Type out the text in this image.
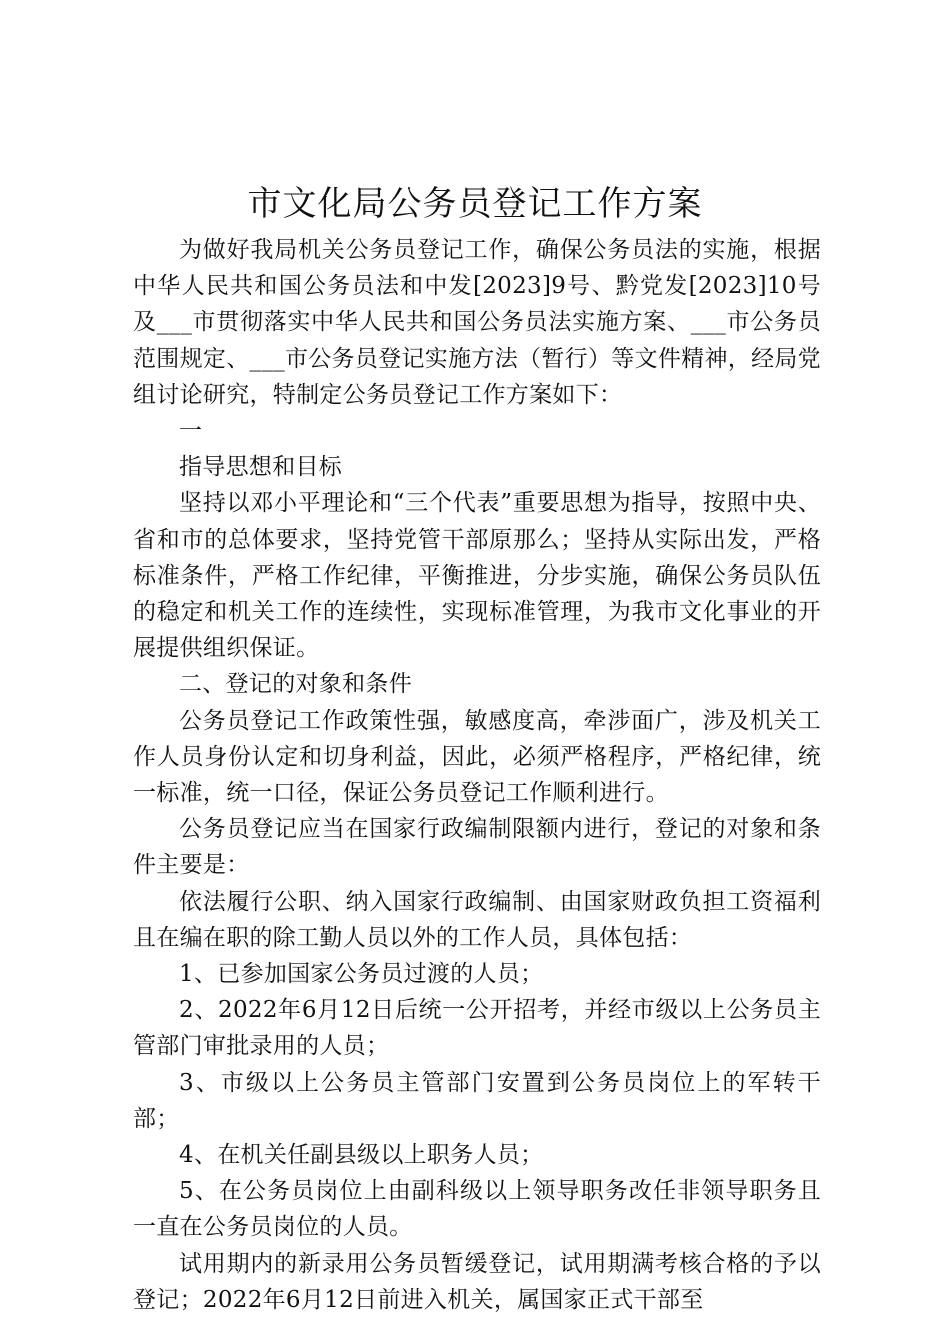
市文化局公务员登记工作方案

为做好我局机关公务员登记工作，确保公务员法的实施，根据中华人民共和国公务员法和中发[2023]9号、黔党发[2023]10号及___市贯彻落实中华人民共和国公务员法实施方案、___市公务员范围规定、___市公务员登记实施方法（暂行）等文件精神，经局党组讨论研究，特制定公务员登记工作方案如下：

一

指导思想和目标

坚持以邓小平理论和“三个代表”重要思想为指导，按照中央、省和市的总体要求，坚持党管干部原那么；坚持从实际出发，严格标准条件，严格工作纪律，平衡推进，分步实施，确保公务员队伍的稳定和机关工作的连续性，实现标准管理，为我市文化事业的开展提供组织保证。

二、登记的对象和条件

公务员登记工作政策性强，敏感度高，牵涉面广，涉及机关工作人员身份认定和切身利益，因此，必须严格程序，严格纪律，统一标准，统一口径，保证公务员登记工作顺利进行。

公务员登记应当在国家行政编制限额内进行，登记的对象和条件主要是：

依法履行公职、纳入国家行政编制、由国家财政负担工资福利且在编在职的除工勤人员以外的工作人员，具体包括：

1、已参加国家公务员过渡的人员；

2、2022年6月12日后统一公开招考，并经市级以上公务员主管部门审批录用的人员；

3、市级以上公务员主管部门安置到公务员岗位上的军转干部；

4、在机关任副县级以上职务人员；

5、在公务员岗位上由副科级以上领导职务改任非领导职务且一直在公务员岗位的人员。

试用期内的新录用公务员暂缓登记，试用期满考核合格的予以登记；2022年6月12日前进入机关，属国家正式干部至
